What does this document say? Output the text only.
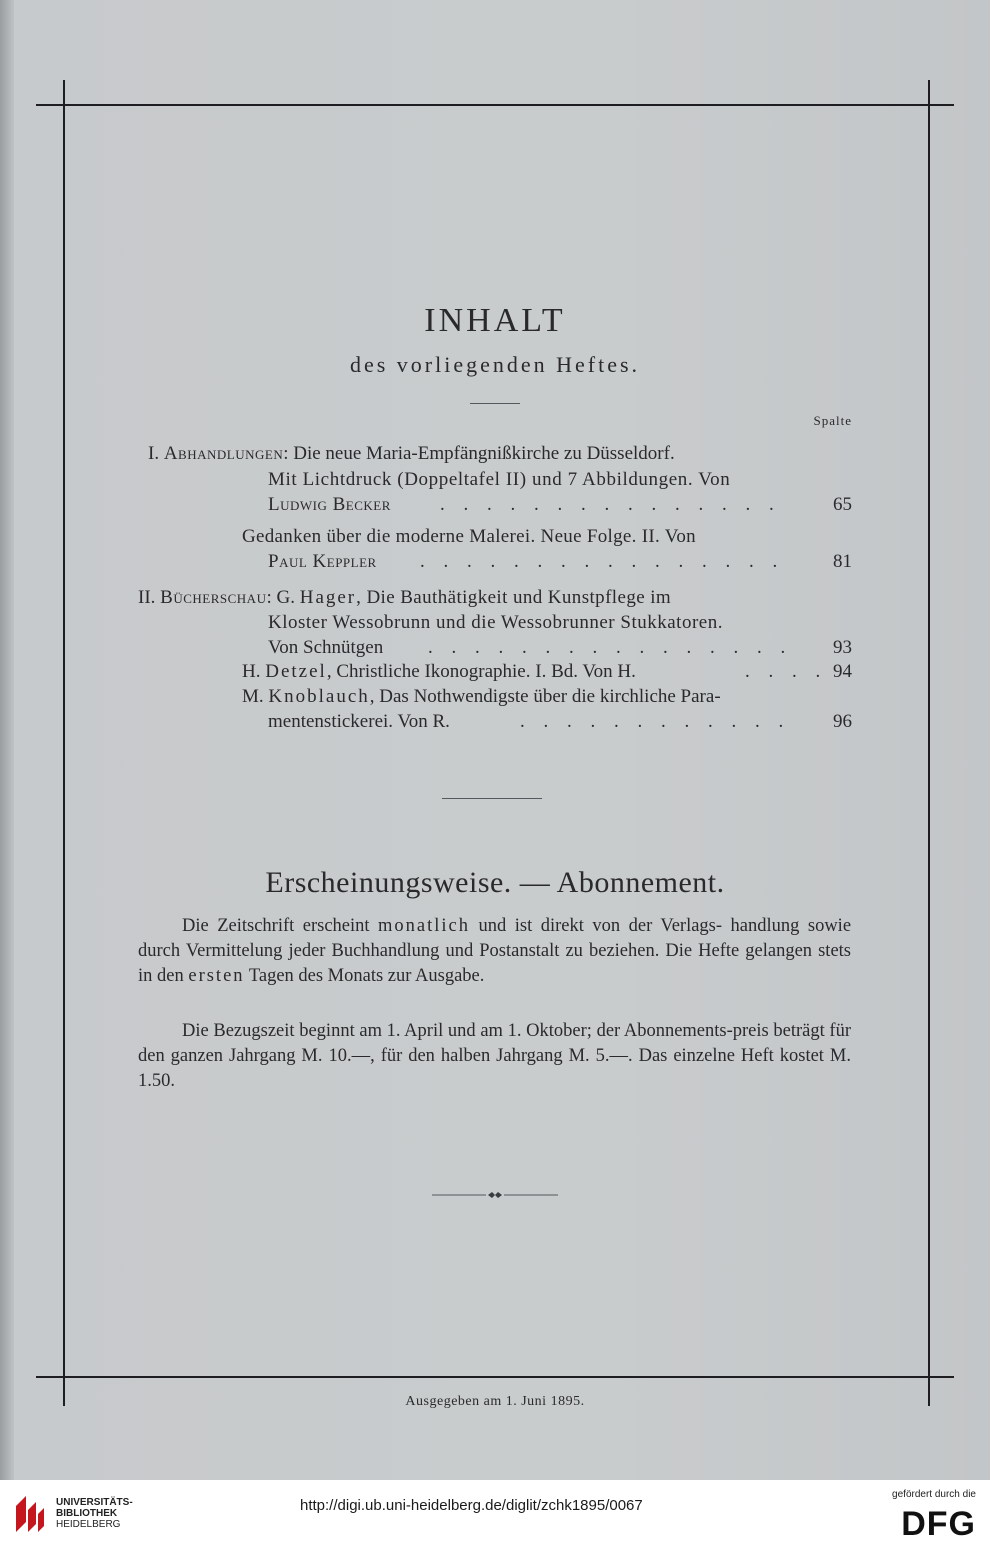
INHALT
des vorliegenden Heftes.
Spalte
I. Abhandlungen: Die neue Maria-Empfängnißkirche zu Düsseldorf.
Mit Lichtdruck (Doppeltafel II) und 7 Abbildungen. Von
Ludwig Becker	. . . . . . . . . . . . . . .	65
Gedanken über die moderne Malerei. Neue Folge. II. Von
Paul Keppler . . . . . . . . . . . . . . . .	81
II. Bücherschau: G. Hager, Die Bauthätigkeit und Kunstpflege im
Kloster Wessobrunn und die Wessobrunner Stukkatoren.
Von Schnütgen . . . . . . . . . . . . . . . . 93
H. Detzel, Christliche Ikonographie. I. Bd. Von H.	. . . . 94
M. Knoblauch, Das Nothwendigste über die kirchliche Para-
mentenstickerei. Von R.	. . . . . . . . . . . . 96
Erscheinungsweise. — Abonnement.
Die Zeitschrift erscheint monatlich und ist direkt von der Verlags- handlung sowie durch Vermittelung jeder Buchhandlung und Postanstalt zu beziehen. Die Hefte gelangen stets in den ersten Tagen des Monats zur Ausgabe.
Die Bezugszeit beginnt am 1. April und am 1. Oktober; der Abonnements-preis beträgt für den ganzen Jahrgang M. 10.—, für den halben Jahrgang M. 5.—. Das einzelne Heft kostet M. 1.50.
Ausgegeben am 1. Juni 1895.
UNIVERSITÄTS-
BIBLIOTHEK
HEIDELBERG
http://digi.ub.uni-heidelberg.de/diglit/zchk1895/0067
gefördert durch die
DFG
